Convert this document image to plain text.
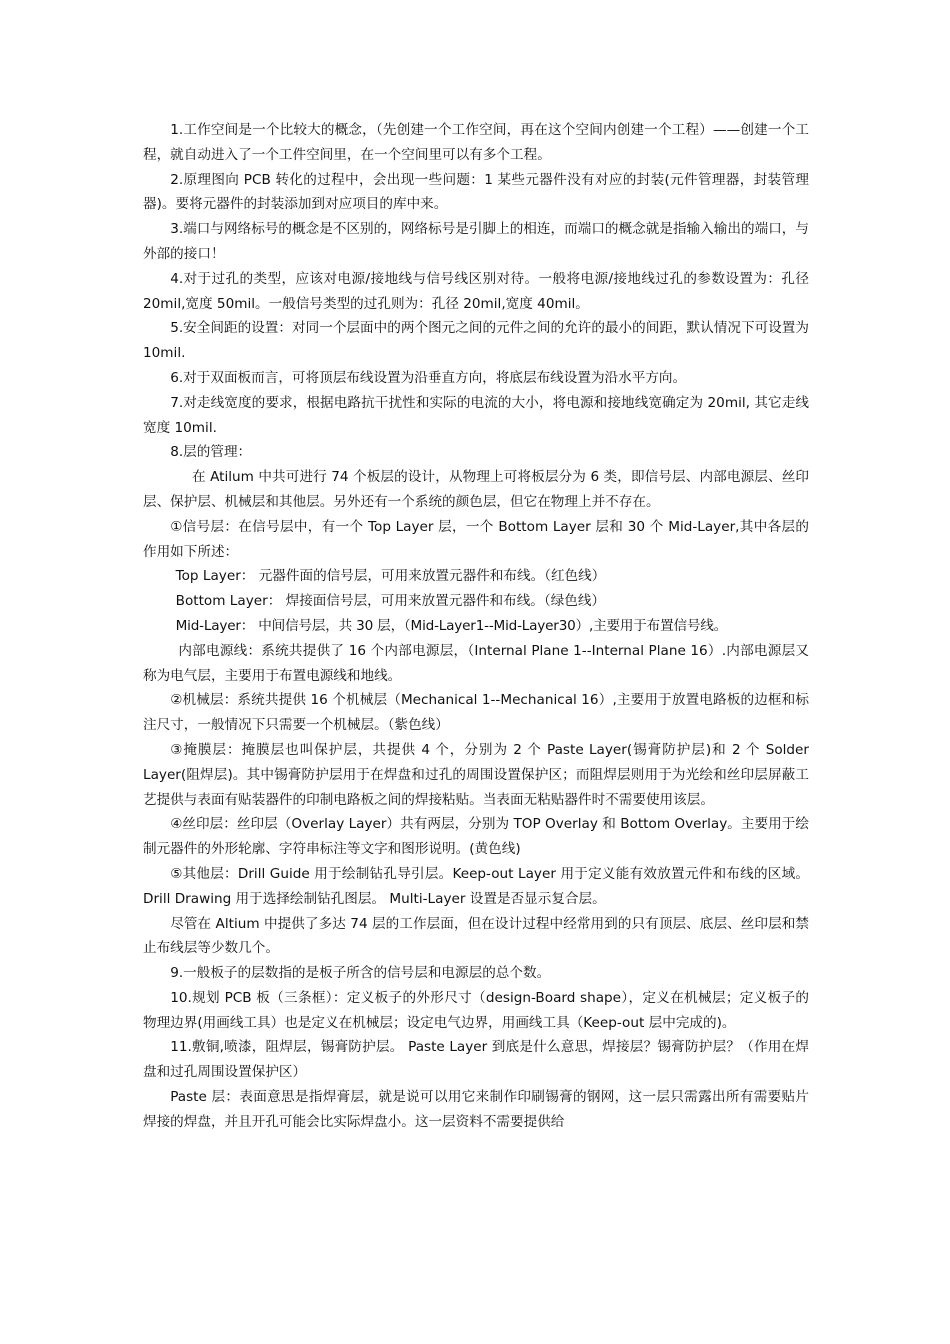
1.工作空间是一个比较大的概念，（先创建一个工作空间，再在这个空间内创建一个工程）——创建一个工程，就自动进入了一个工件空间里，在一个空间里可以有多个工程。

2.原理图向 PCB 转化的过程中，会出现一些问题：1 某些元器件没有对应的封装(元件管理器，封装管理器)。要将元器件的封装添加到对应项目的库中来。

3.端口与网络标号的概念是不区别的，网络标号是引脚上的相连，而端口的概念就是指输入输出的端口，与外部的接口！

4.对于过孔的类型，应该对电源/接地线与信号线区别对待。一般将电源/接地线过孔的参数设置为：孔径 20mil,宽度 50mil。一般信号类型的过孔则为：孔径 20mil,宽度 40mil。

5.安全间距的设置：对同一个层面中的两个图元之间的元件之间的允许的最小的间距，默认情况下可设置为 10mil.

6.对于双面板而言，可将顶层布线设置为沿垂直方向，将底层布线设置为沿水平方向。

7.对走线宽度的要求，根据电路抗干扰性和实际的电流的大小，将电源和接地线宽确定为 20mil, 其它走线宽度 10mil.

8.层的管理：

在 Atilum 中共可进行 74 个板层的设计，从物理上可将板层分为 6 类，即信号层、内部电源层、丝印层、保护层、机械层和其他层。另外还有一个系统的颜色层，但它在物理上并不存在。

①信号层：在信号层中，有一个 Top Layer 层，一个 Bottom Layer 层和 30 个 Mid-Layer,其中各层的作用如下所述：

Top Layer： 元器件面的信号层，可用来放置元器件和布线。（红色线）

Bottom Layer： 焊接面信号层，可用来放置元器件和布线。（绿色线）

Mid-Layer： 中间信号层，共 30 层，（Mid-Layer1--Mid-Layer30）,主要用于布置信号线。

内部电源线：系统共提供了 16 个内部电源层，（Internal Plane 1--Internal Plane 16）.内部电源层又称为电气层，主要用于布置电源线和地线。

②机械层：系统共提供 16 个机械层（Mechanical 1--Mechanical 16）,主要用于放置电路板的边框和标注尺寸，一般情况下只需要一个机械层。（紫色线）

③掩膜层：掩膜层也叫保护层，共提供 4 个，分别为 2 个 Paste Layer(锡膏防护层)和 2 个 Solder Layer(阻焊层)。其中锡膏防护层用于在焊盘和过孔的周围设置保护区；而阻焊层则用于为光绘和丝印层屏蔽工艺提供与表面有贴装器件的印制电路板之间的焊接粘贴。当表面无粘贴器件时不需要使用该层。

④丝印层：丝印层（Overlay Layer）共有两层，分别为 TOP Overlay 和 Bottom Overlay。主要用于绘制元器件的外形轮廓、字符串标注等文字和图形说明。(黄色线)

⑤其他层：Drill Guide 用于绘制钻孔导引层。Keep-out Layer 用于定义能有效放置元件和布线的区域。 Drill Drawing 用于选择绘制钻孔图层。 Multi-Layer 设置是否显示复合层。

尽管在 Altium 中提供了多达 74 层的工作层面，但在设计过程中经常用到的只有顶层、底层、丝印层和禁止布线层等少数几个。

9.一般板子的层数指的是板子所含的信号层和电源层的总个数。

10.规划 PCB 板（三条框）：定义板子的外形尺寸（design-Board shape），定义在机械层；定义板子的物理边界(用画线工具）也是定义在机械层；设定电气边界，用画线工具（Keep-out 层中完成的)。

11.敷铜,喷漆，阻焊层，锡膏防护层。 Paste Layer 到底是什么意思，焊接层？锡膏防护层？（作用在焊盘和过孔周围设置保护区）

Paste 层：表面意思是指焊膏层，就是说可以用它来制作印刷锡膏的钢网，这一层只需露出所有需要贴片焊接的焊盘，并且开孔可能会比实际焊盘小。这一层资料不需要提供给
